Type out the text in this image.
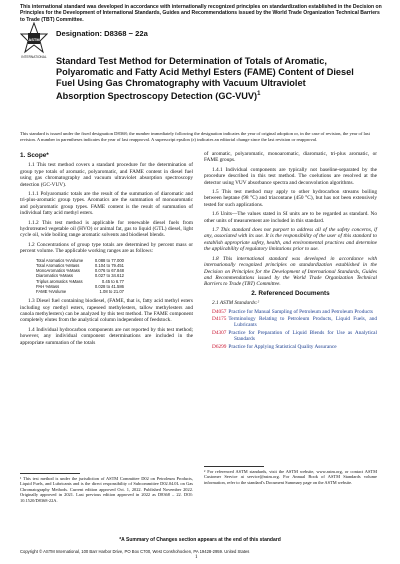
This international standard was developed in accordance with internationally recognized principles on standardization established in the Decision on Principles for the Development of International Standards, Guides and Recommendations issued by the World Trade Organization Technical Barriers to Trade (TBT) Committee.
ASTM
INTERNATIONAL
Designation: D8368 − 22a
Standard Test Method for Determination of Totals of Aromatic, Polyaromatic and Fatty Acid Methyl Esters (FAME) Content of Diesel Fuel Using Gas Chromatography with Vacuum Ultraviolet Absorption Spectroscopy Detection $(GC-VUV)^1$
This standard is issued under the fixed designation D8368; the number immediately following the designation indicates the year of original adoption or, in the case of revision, the year of last revision. A number in parentheses indicates the year of last reapproval. A superscript epsilon (ε) indicates an editorial change since the last revision or reapproval.
1. Scope*
1.1 This test method covers a standard procedure for the determination of group type totals of aromatic, polyaromatic, and FAME content in diesel fuel using gas chromatography and vacuum ultraviolet absorption spectroscopy detection (GC-VUV).
1.1.1 Polyaromatic totals are the result of the summation of diaromatic and tri-plus-aromatic group types. Aromatics are the summation of monoaromatic and polyaromatic group types. FAME content is the result of summation of individual fatty acid methyl esters.
1.1.2 This test method is applicable for renewable diesel fuels from hydrotreated vegetable oil (HVO) or animal fat, gas to liquid (GTL) diesel, light cycle oil, wide boiling range aromatic solvents and biodiesel blends.
1.2 Concentrations of group type totals are determined by percent mass or percent volume. The applicable working ranges are as follows:
Total Aromatics %Volume	0.088 to 77.000
Total Aromatics %Mass	0.104 to 79.451
MonoAromatics %Mass	0.076 to 67.848
Diaromatics %Mass	0.027 to 34.612
Triplus aromatics %Mass	0.45 to 6.77
PAH %Mass	0.028 to 41.586
FAME %Volume	1.08 to 21.07
1.3 Diesel fuel containing biodiesel, (FAME, that is, fatty acid methyl esters including soy methyl esters, rapeseed methylesters, tallow methylesters and canola methylesters) can be analyzed by this test method. The FAME component completely elutes from the analytical column independent of feedstock.
1.4 Individual hydrocarbon components are not reported by this test method; however, any individual component determinations are included in the appropriate summation of the totals
of aromatic, polyaromatic, monoaromatic, diaromatic, tri-plus aromatic, or FAME groups.
1.4.1 Individual components are typically not baseline-separated by the procedure described in this test method. The coelutions are resolved at the detector using VUV absorbance spectra and deconvolution algorithms.
1.5 This test method may apply to other hydrocarbon streams boiling between heptane (98 °C) and triacontane (450 °C), but has not been extensively tested for such applications.
1.6 Units—The values stated in SI units are to be regarded as standard. No other units of measurement are included in this standard.
1.7 This standard does not purport to address all of the safety concerns, if any, associated with its use. It is the responsibility of the user of this standard to establish appropriate safety, health, and environmental practices and determine the applicability of regulatory limitations prior to use.
1.8 This international standard was developed in accordance with internationally recognized principles on standardization established in the Decision on Principles for the Development of International Standards, Guides and Recommendations issued by the World Trade Organization Technical Barriers to Trade (TBT) Committee.
2. Referenced Documents
2.1 ASTM Standards:²
D4057 Practice for Manual Sampling of Petroleum and Petroleum Products
D4175 Terminology Relating to Petroleum Products, Liquid Fuels, and Lubricants
D4307 Practice for Preparation of Liquid Blends for Use as Analytical Standards
D6299 Practice for Applying Statistical Quality Assurance
¹ This test method is under the jurisdiction of ASTM Committee D02 on Petroleum Products, Liquid Fuels, and Lubricants and is the direct responsibility of Subcommittee D02.04.0L on Gas Chromatography Methods. Current edition approved Oct. 1, 2022. Published November 2022. Originally approved in 2021. Last previous edition approved in 2022 as D8368 – 22. DOI: 10.1520/D8368-22A.
² For referenced ASTM standards, visit the ASTM website, www.astm.org, or contact ASTM Customer Service at service@astm.org. For Annual Book of ASTM Standards volume information, refer to the standard's Document Summary page on the ASTM website.
*A Summary of Changes section appears at the end of this standard
Copyright © ASTM International, 100 Barr Harbor Drive, PO Box C700, West Conshohocken, PA 19428-2959. United States
1
